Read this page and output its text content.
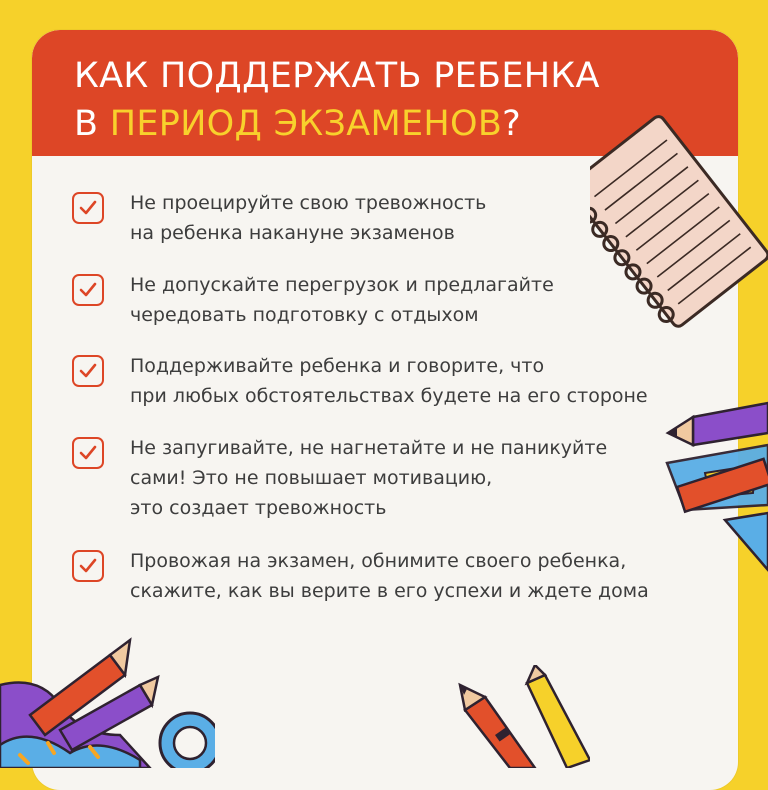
КАК ПОДДЕРЖАТЬ РЕБЕНКА
В ПЕРИОД ЭКЗАМЕНОВ?
Не проецируйте свою тревожность
на ребенка накануне экзаменов
Не допускайте перегрузок и предлагайте
чередовать подготовку с отдыхом
Поддерживайте ребенка и говорите, что
при любых обстоятельствах будете на его стороне
Не запугивайте, не нагнетайте и не паникуйте
сами! Это не повышает мотивацию,
это создает тревожность
Провожая на экзамен, обнимите своего ребенка,
скажите, как вы верите в его успехи и ждете дома
